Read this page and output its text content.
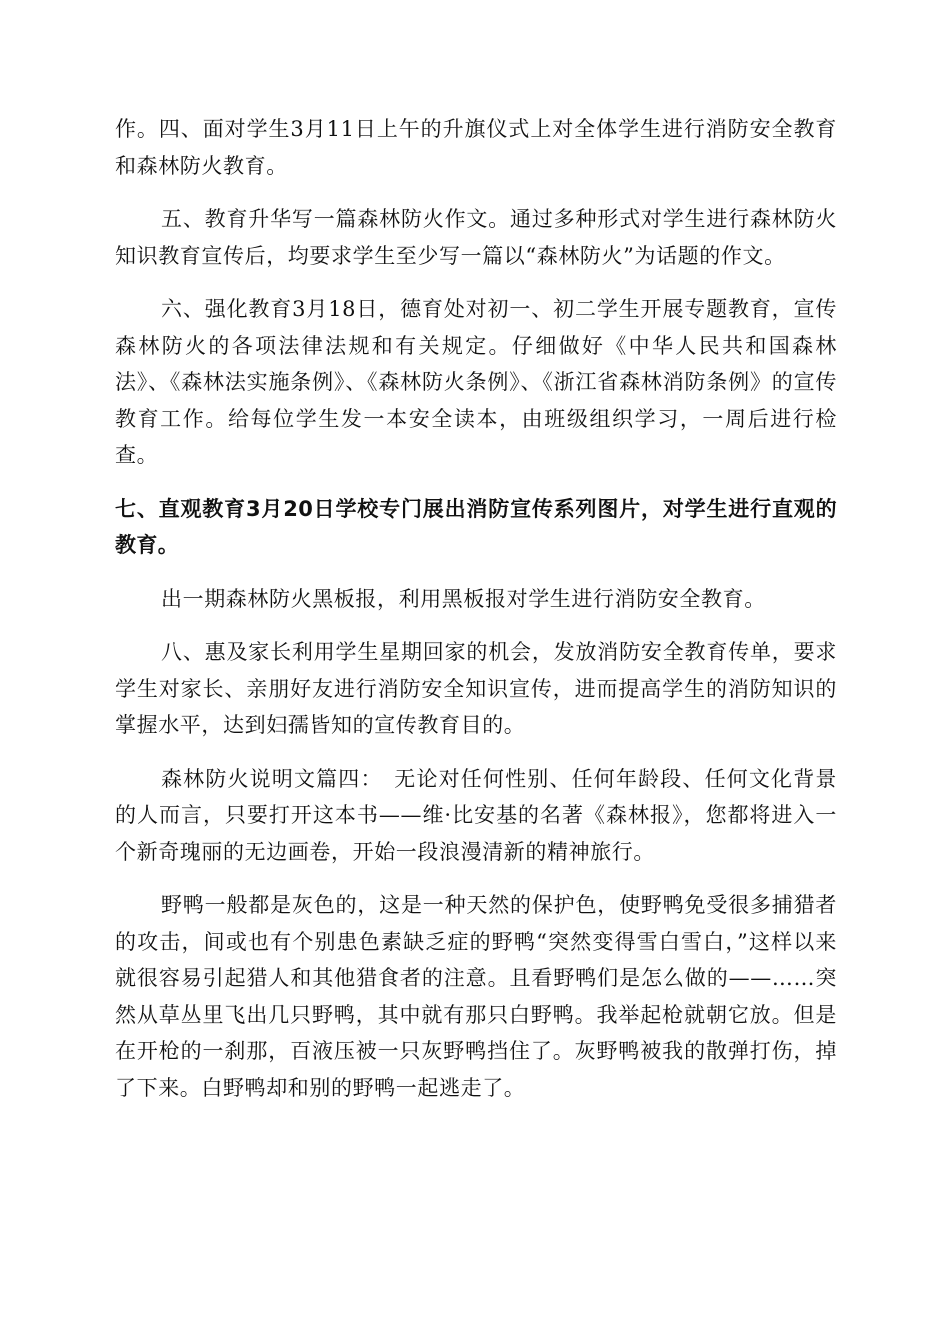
作。四、面对学生3月11日上午的升旗仪式上对全体学生进行消防安全教育和森林防火教育。

五、教育升华写一篇森林防火作文。通过多种形式对学生进行森林防火知识教育宣传后，均要求学生至少写一篇以“森林防火”为话题的作文。

六、强化教育3月18日，德育处对初一、初二学生开展专题教育，宣传森林防火的各项法律法规和有关规定。仔细做好《中华人民共和国森林法》、《森林法实施条例》、《森林防火条例》、《浙江省森林消防条例》的宣传教育工作。给每位学生发一本安全读本，由班级组织学习，一周后进行检查。

七、直观教育3月20日学校专门展出消防宣传系列图片，对学生进行直观的教育。

出一期森林防火黑板报，利用黑板报对学生进行消防安全教育。

八、惠及家长利用学生星期回家的机会，发放消防安全教育传单，要求学生对家长、亲朋好友进行消防安全知识宣传，进而提高学生的消防知识的掌握水平，达到妇孺皆知的宣传教育目的。

森林防火说明文篇四：　无论对任何性别、任何年龄段、任何文化背景的人而言，只要打开这本书——维·比安基的名著《森林报》，您都将进入一个新奇瑰丽的无边画卷，开始一段浪漫清新的精神旅行。

野鸭一般都是灰色的，这是一种天然的保护色，使野鸭免受很多捕猎者的攻击，间或也有个别患色素缺乏症的野鸭“突然变得雪白雪白，”这样以来就很容易引起猎人和其他猎食者的注意。且看野鸭们是怎么做的——……突然从草丛里飞出几只野鸭，其中就有那只白野鸭。我举起枪就朝它放。但是在开枪的一刹那，百液压被一只灰野鸭挡住了。灰野鸭被我的散弹打伤，掉了下来。白野鸭却和别的野鸭一起逃走了。
